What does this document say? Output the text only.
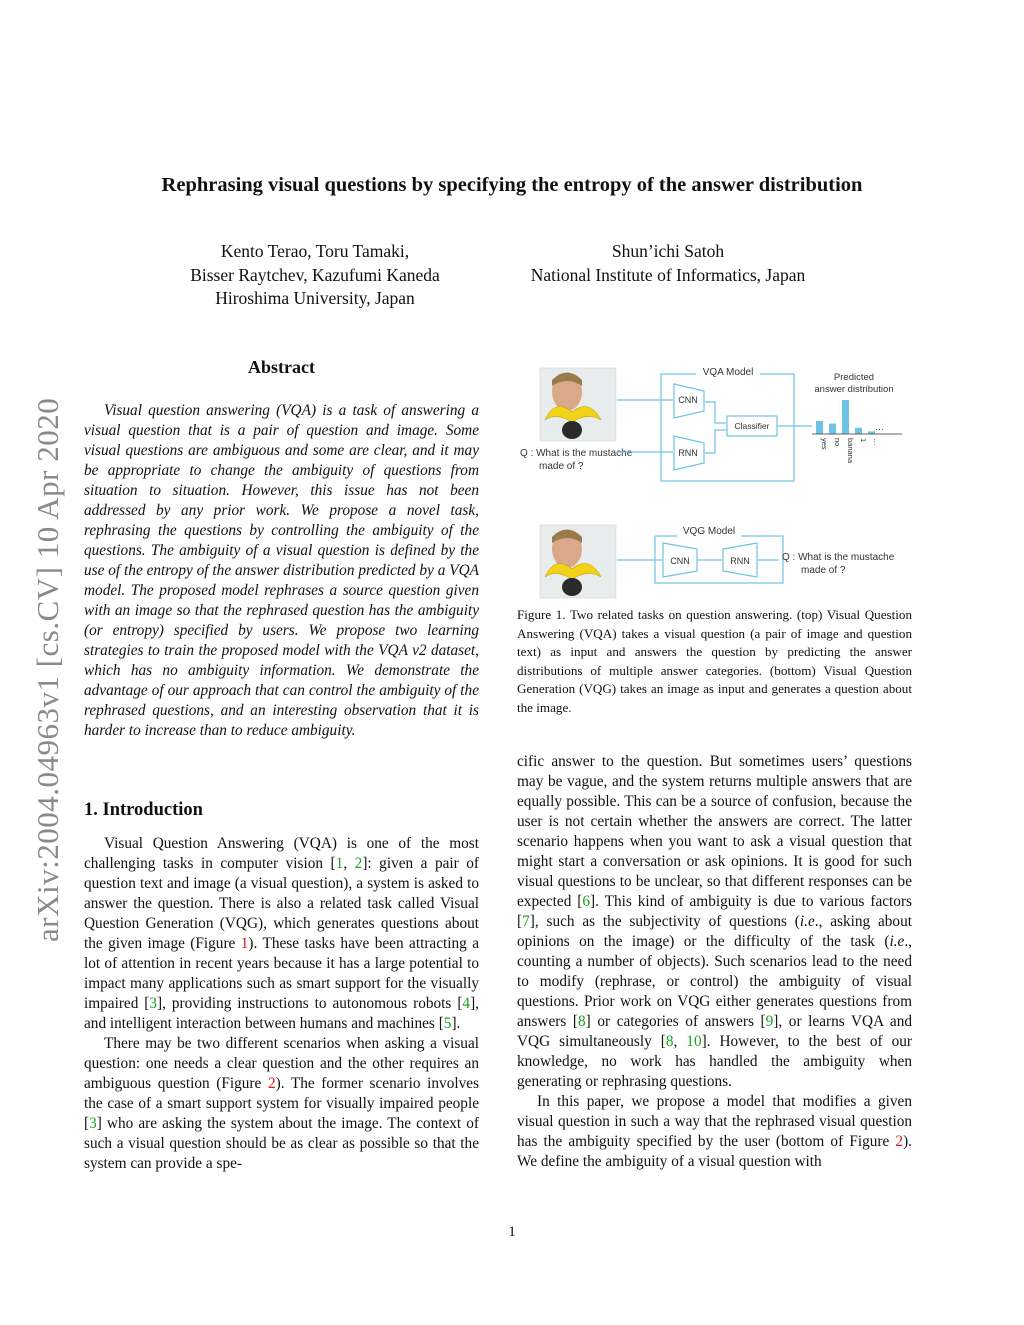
arXiv:2004.04963v1 [cs.CV] 10 Apr 2020
Rephrasing visual questions by specifying the entropy of the answer distribution
Kento Terao, Toru Tamaki,
Bisser Raytchev, Kazufumi Kaneda
Hiroshima University, Japan
Shun’ichi Satoh
National Institute of Informatics, Japan
Abstract

Visual question answering (VQA) is a task of answering a visual question that is a pair of question and image. Some visual questions are ambiguous and some are clear, and it may be appropriate to change the ambiguity of questions from situation to situation. However, this issue has not been addressed by any prior work. We propose a novel task, rephrasing the questions by controlling the ambiguity of the questions. The ambiguity of a visual question is defined by the use of the entropy of the answer distribution predicted by a VQA model. The proposed model rephrases a source question given with an image so that the rephrased question has the ambiguity (or entropy) specified by users. We propose two learning strategies to train the proposed model with the VQA v2 dataset, which has no ambiguity information. We demonstrate the advantage of our approach that can control the ambiguity of the rephrased questions, and an interesting observation that it is harder to increase than to reduce ambiguity.

1. Introduction

Visual Question Answering (VQA) is one of the most challenging tasks in computer vision [1, 2]: given a pair of question text and image (a visual question), a system is asked to answer the question. There is also a related task called Visual Question Generation (VQG), which generates questions about the given image (Figure 1). These tasks have been attracting a lot of attention in recent years because it has a large potential to impact many applications such as smart support for the visually impaired [3], providing instructions to autonomous robots [4], and intelligent interaction between humans and machines [5].

There may be two different scenarios when asking a visual question: one needs a clear question and the other requires an ambiguous question (Figure 2). The former scenario involves the case of a smart support system for visually impaired people [3] who are asking the system about the image. The context of such a visual question should be as clear as possible so that the system can provide a spe-

Q : What is the mustache
made of ?
VQA Model
CNN
RNN
Classifier
Predicted
answer distribution
…
yes no banana 1 …
VQG Model
CNN	RNN	Q : What is the mustache
made of ?
Figure 1. Two related tasks on question answering. (top) Visual Question Answering (VQA) takes a visual question (a pair of image and question text) as input and answers the question by predicting the answer distributions of multiple answer categories. (bottom) Visual Question Generation (VQG) takes an image as input and generates a question about the image.

cific answer to the question. But sometimes users’ questions may be vague, and the system returns multiple answers that are equally possible. This can be a source of confusion, because the user is not certain whether the answers are correct. The latter scenario happens when you want to ask a visual question that might start a conversation or ask opinions. It is good for such visual questions to be unclear, so that different responses can be expected [6]. This kind of ambiguity is due to various factors [7], such as the subjectivity of questions (i.e., asking about opinions on the image) or the difficulty of the task (i.e., counting a number of objects). Such scenarios lead to the need to modify (rephrase, or control) the ambiguity of visual questions. Prior work on VQG either generates questions from answers [8] or categories of answers [9], or learns VQA and VQG simultaneously [8, 10]. However, to the best of our knowledge, no work has handled the ambiguity when generating or rephrasing questions.

In this paper, we propose a model that modifies a given visual question in such a way that the rephrased visual question has the ambiguity specified by the user (bottom of Figure 2). We define the ambiguity of a visual question with

1
